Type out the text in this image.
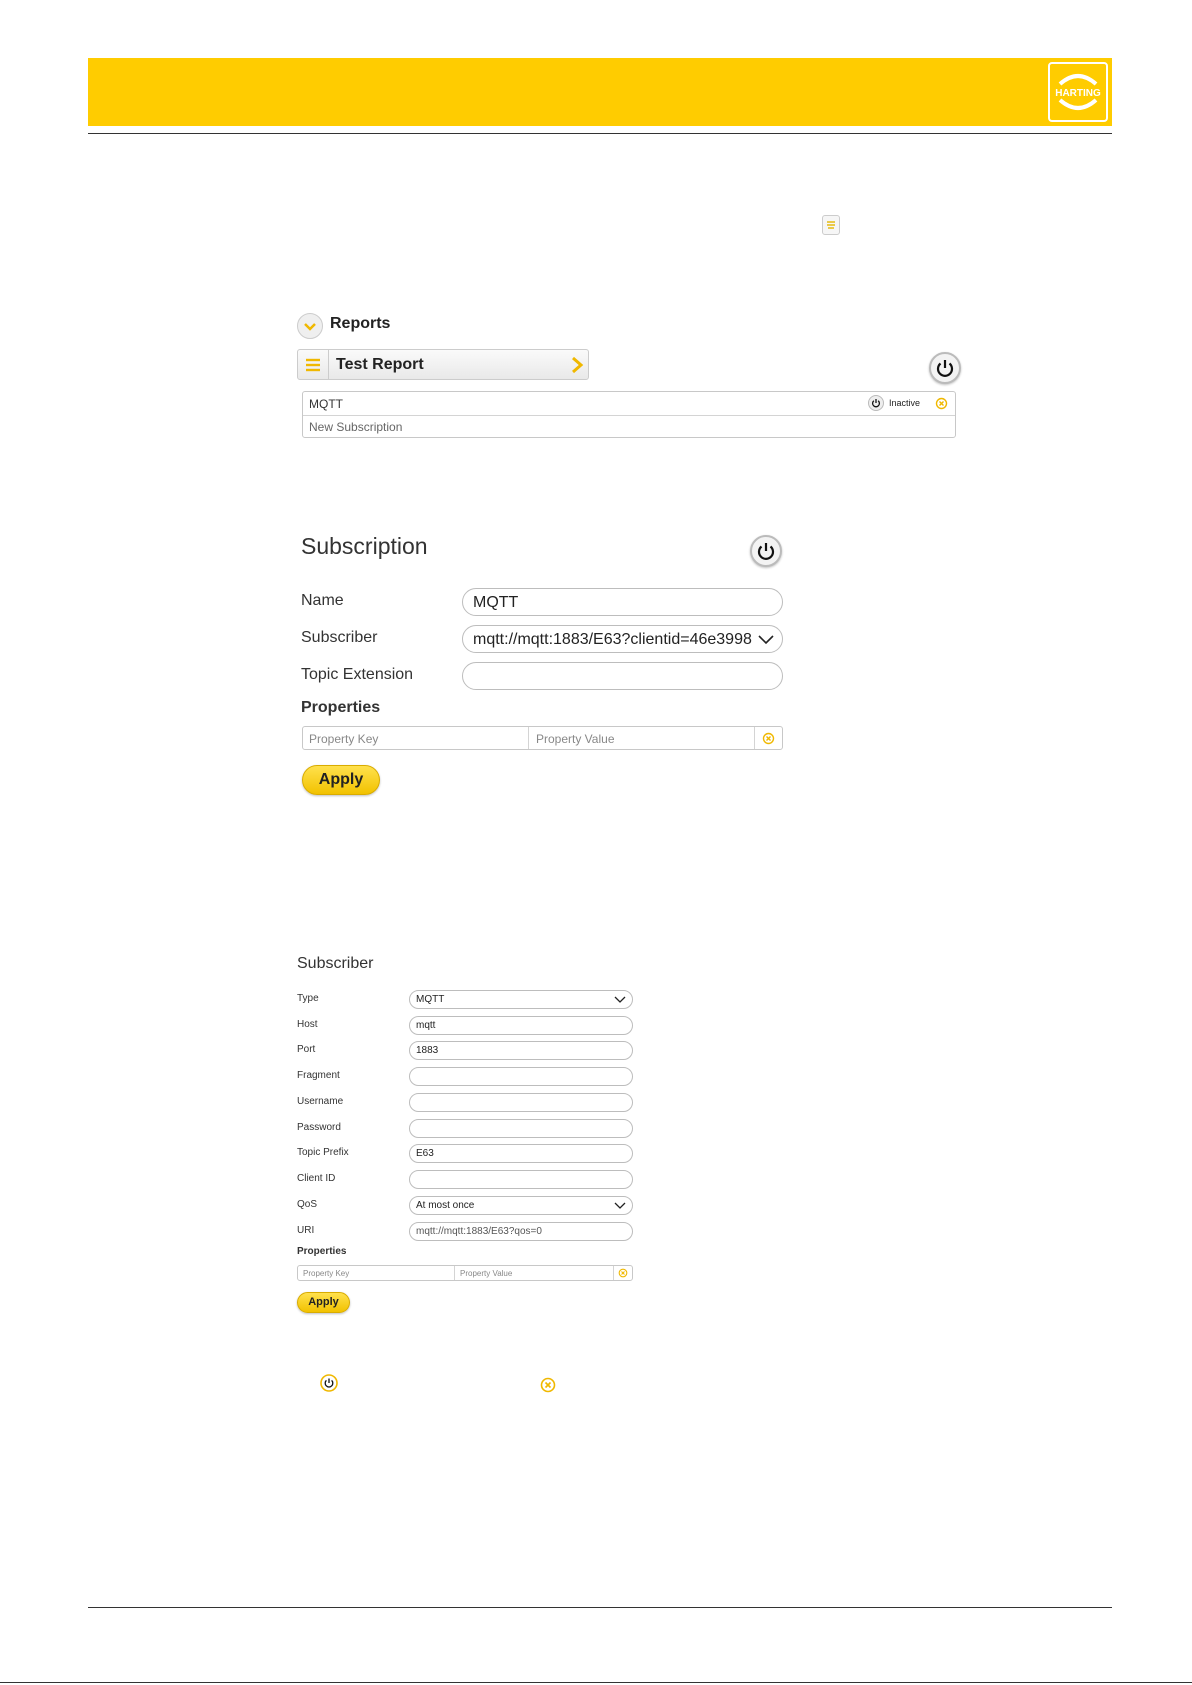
HARTING
Reports
Test Report
MQTT	Inactive
New Subscription
Subscription
Name	MQTT
Subscriber	mqtt://mqtt:1883/E63?clientid=46e3998
Topic Extension
Properties
Property Key	Property Value
Apply
Subscriber
Type	MQTT
Host	mqtt
Port	1883
Fragment
Username
Password
Topic Prefix	E63
Client ID
QoS	At most once
URI	mqtt://mqtt:1883/E63?qos=0
Properties
Property Key	Property Value
Apply
